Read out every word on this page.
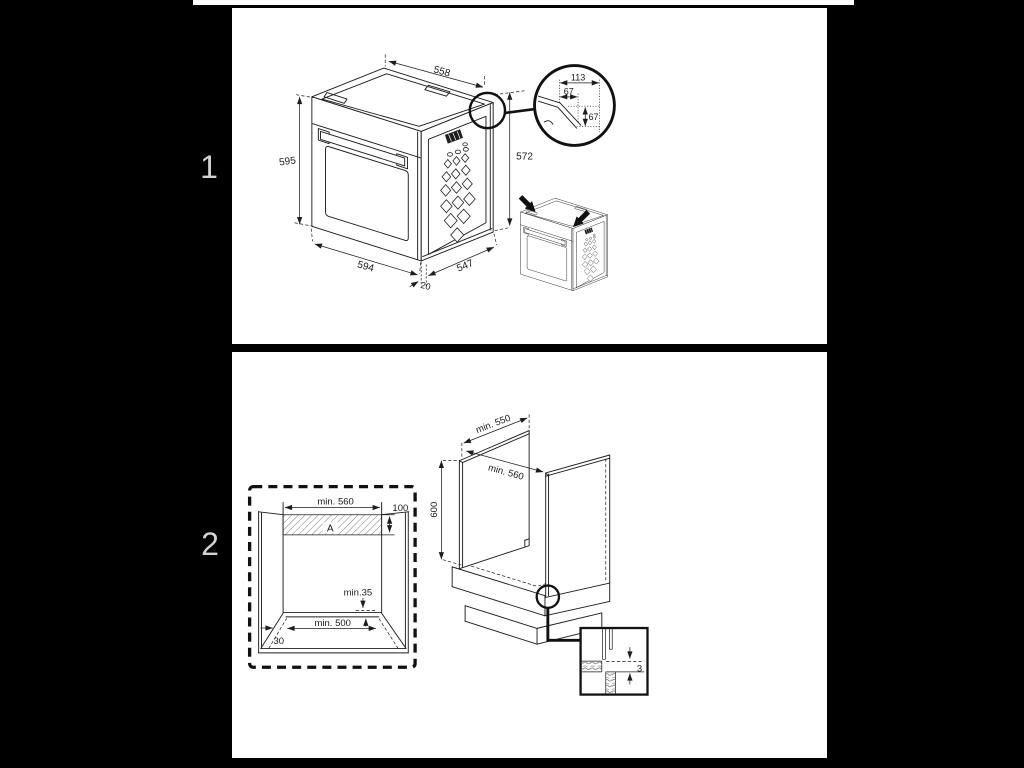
1
2
558
595
594	547
20
572
113
67
67
A
min. 560
100
min.35
min. 500
30
min. 550
min. 560
600
3
